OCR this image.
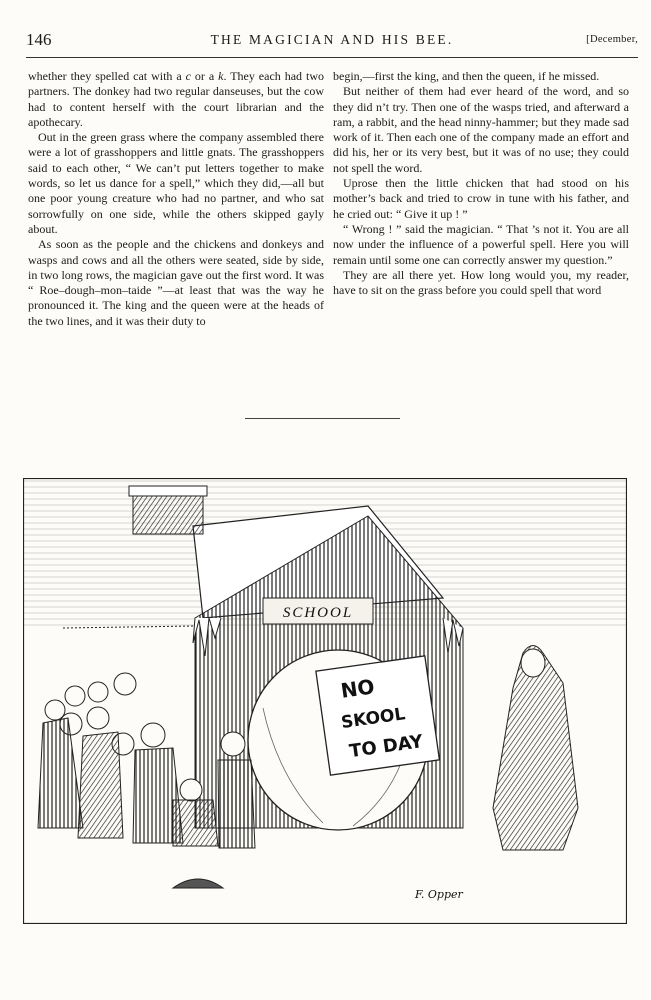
146	THE MAGICIAN AND HIS BEE.	[December,

whether they spelled cat with a c or a k. They each had two partners. The donkey had two regular danseuses, but the cow had to content herself with the court librarian and the apothecary.

Out in the green grass where the company assembled there were a lot of grasshoppers and little gnats. The grasshoppers said to each other, “ We can’t put letters together to make words, so let us dance for a spell,” which they did,—all but one poor young creature who had no partner, and who sat sorrowfully on one side, while the others skipped gayly about.

As soon as the people and the chickens and donkeys and wasps and cows and all the others were seated, side by side, in two long rows, the magician gave out the first word. It was “ Roe–dough–mon–taide ”—at least that was the way he pronounced it. The king and the queen were at the heads of the two lines, and it was their duty to

begin,—first the king, and then the queen, if he missed.

But neither of them had ever heard of the word, and so they did n’t try. Then one of the wasps tried, and afterward a ram, a rabbit, and the head ninny-hammer; but they made sad work of it. Then each one of the company made an effort and did his, her or its very best, but it was of no use; they could not spell the word.

Uprose then the little chicken that had stood on his mother’s back and tried to crow in tune with his father, and he cried out: “ Give it up ! ”

“ Wrong ! ” said the magician. “ That ’s not it. You are all now under the influence of a powerful spell. Here you will remain until some one can correctly answer my question.”

They are all there yet. How long would you, my reader, have to sit on the grass before you could spell that word

SCHOOL
NO
SKOOL
TO DAY
F. Opper
